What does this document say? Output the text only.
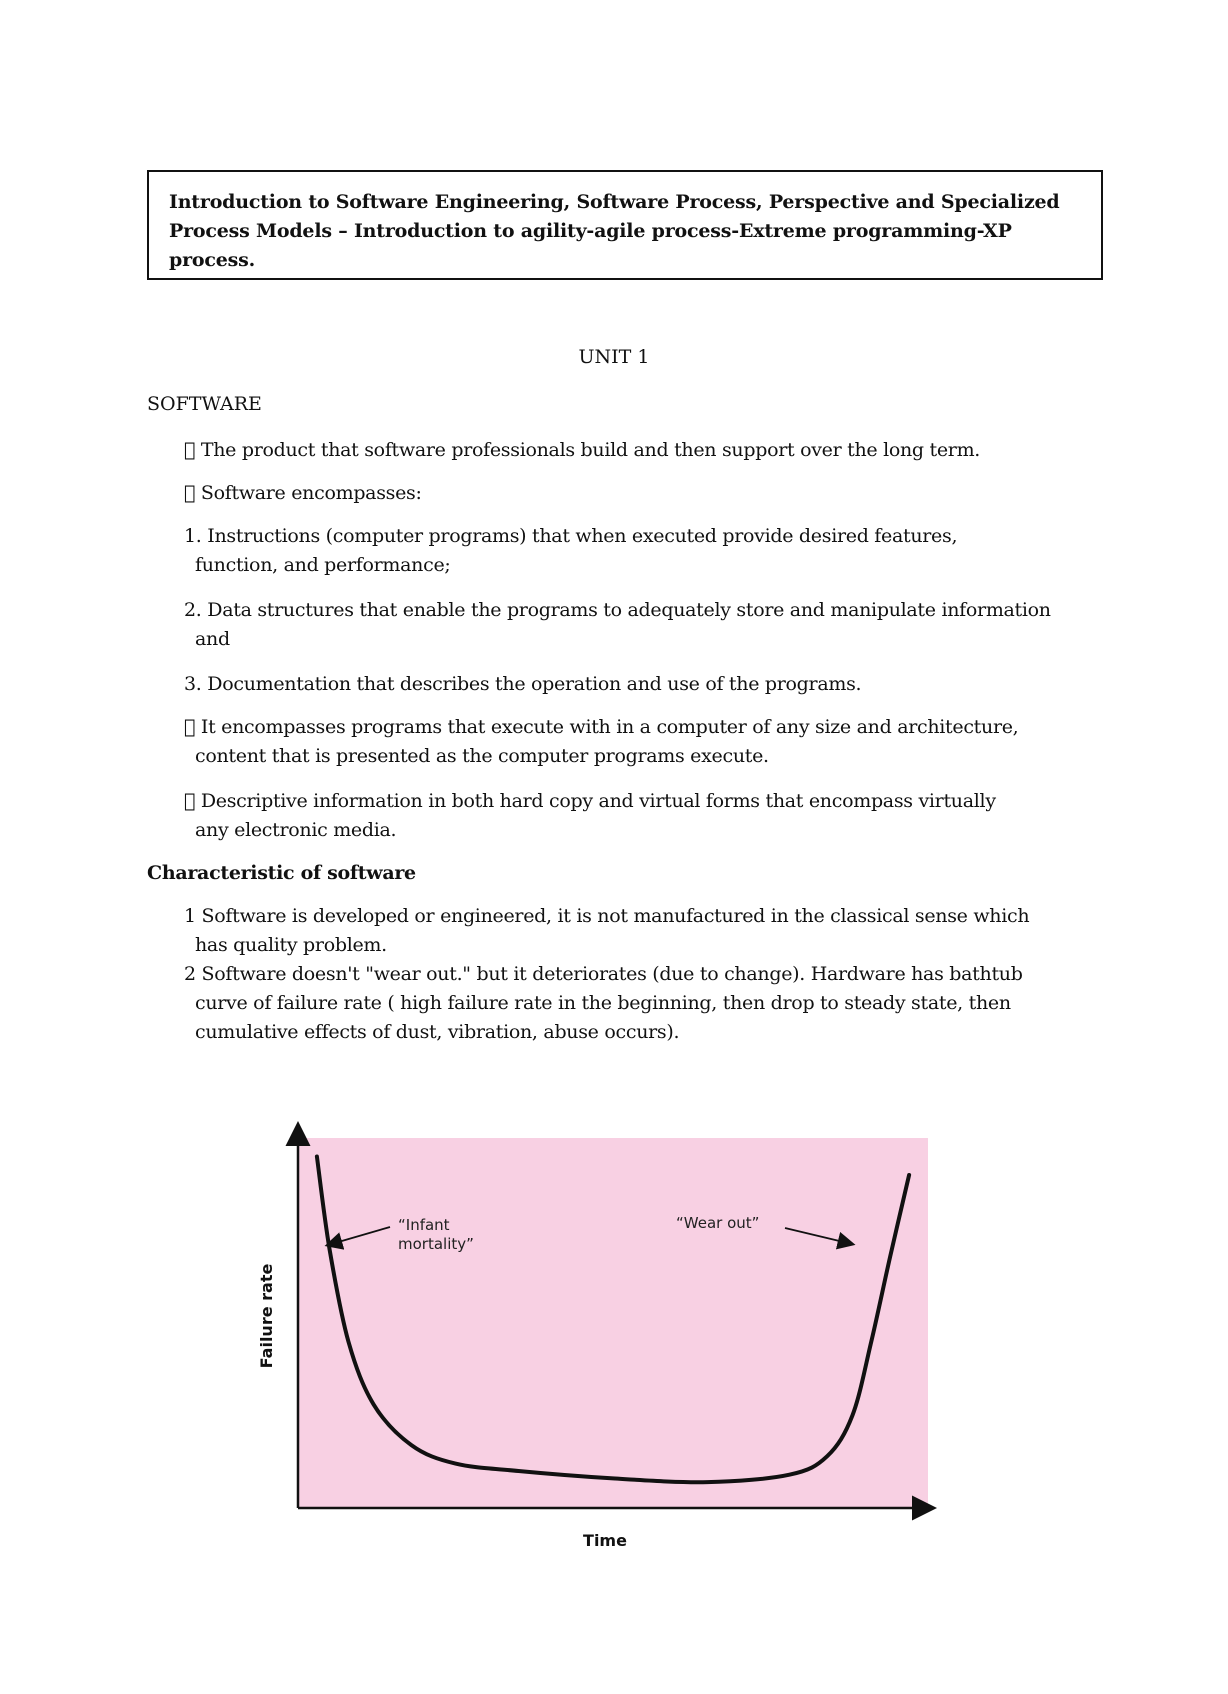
Introduction to Software Engineering, Software Process, Perspective and Specialized Process Models – Introduction to agility-agile process-Extreme programming-XP process.

UNIT 1
SOFTWARE

The product that software professionals build and then support over the long term.

Software encompasses:

1. Instructions (computer programs) that when executed provide desired features,
function, and performance;

2. Data structures that enable the programs to adequately store and manipulate information
and

3. Documentation that describes the operation and use of the programs.

It encompasses programs that execute with in a computer of any size and architecture,
content that is presented as the computer programs execute.

Descriptive information in both hard copy and virtual forms that encompass virtually
any electronic media.

Characteristic of software

1 Software is developed or engineered, it is not manufactured in the classical sense which
has quality problem.

2 Software doesn't "wear out." but it deteriorates (due to change). Hardware has bathtub
curve of failure rate ( high failure rate in the beginning, then drop to steady state, then
cumulative effects of dust, vibration, abuse occurs).

“Infant
mortality”
“Wear out”
Failure rate
Time
